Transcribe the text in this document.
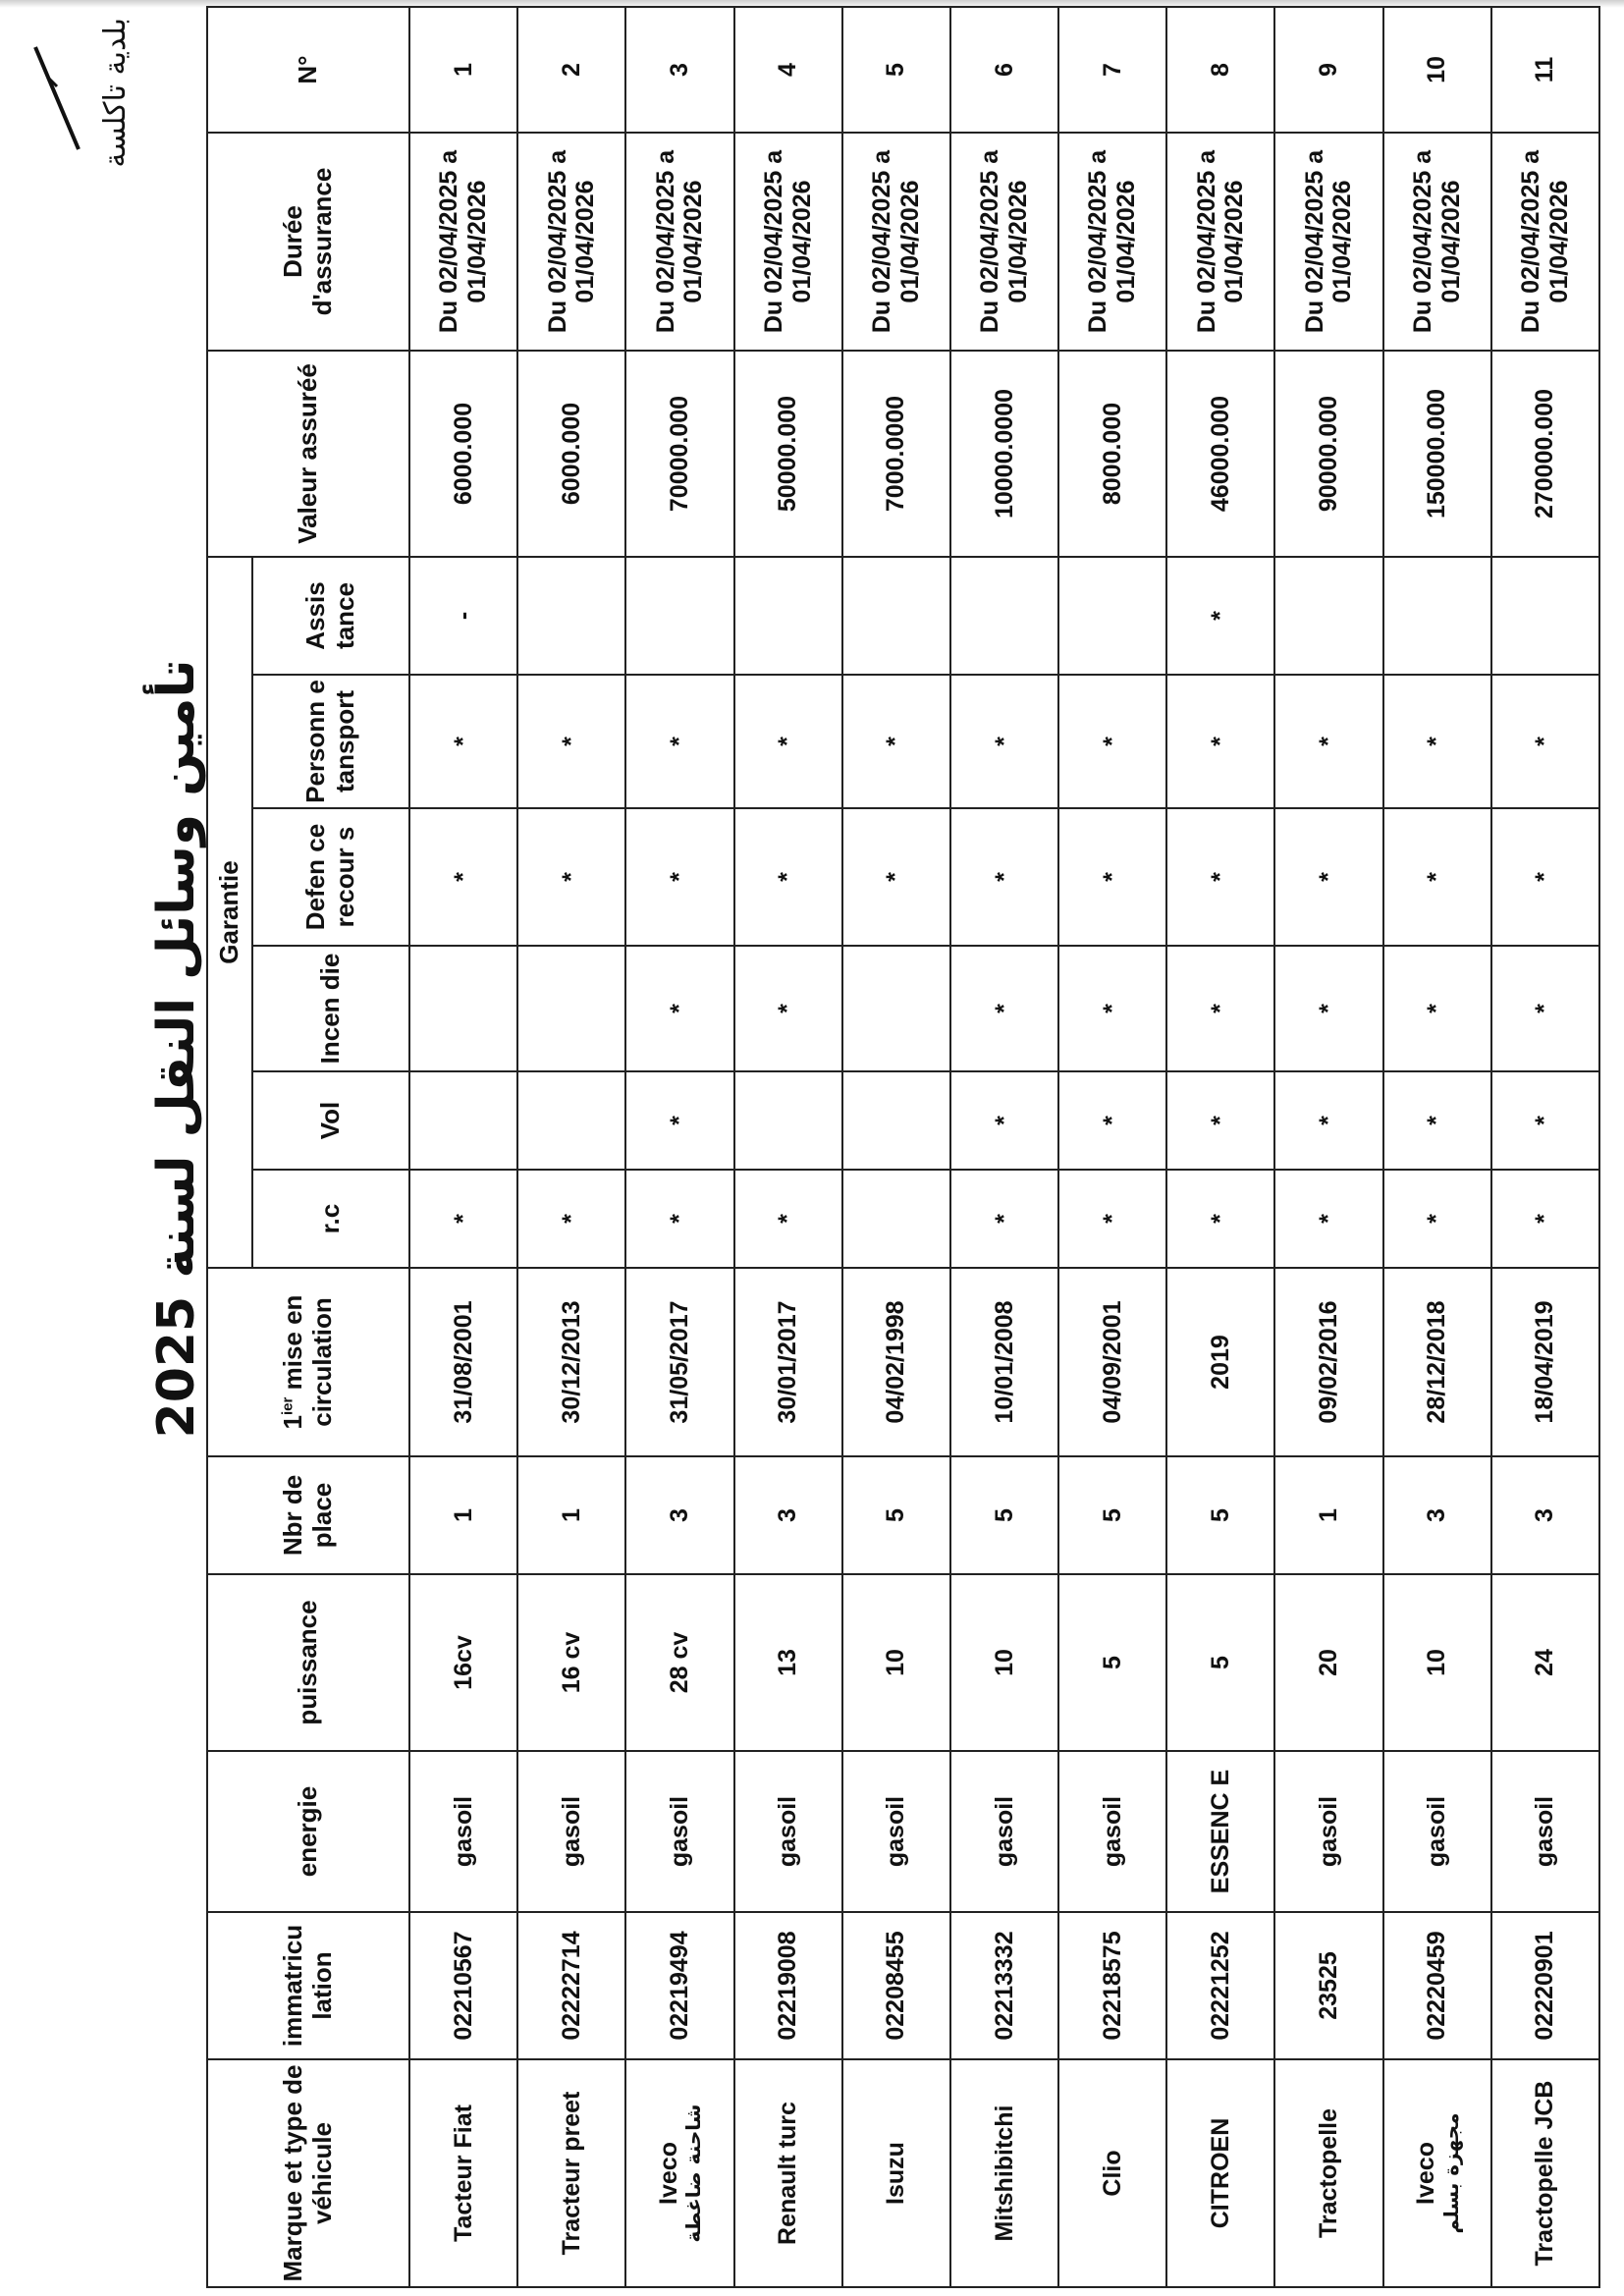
بلدية تاكلسة
تأمين وسائل النقل لسنة 2025
Marque et type de véhicule	immatricu lation	energie	puissance	Nbr de place	$1^{ier}$ mise en circulation	Garantie						Valeur assuréé	Durée d'assurance	N°
						r.c	Vol	Incen die	Defen ce recour s	Personn e tansport	Assis tance			
Tacteur Fiat	02210567	gasoil	16cv	1	31/08/2001	*			*	*	-	6000.000	Du 02/04/2025 a 01/04/2026	1
Tracteur preet	02222714	gasoil	16 cv	1	30/12/2013	*			*	*		6000.000	Du 02/04/2025 a 01/04/2026	2
Iveco شاحنة ضاغطة	02219494	gasoil	28 cv	3	31/05/2017	*	*	*	*	*		70000.000	Du 02/04/2025 a 01/04/2026	3
Renault turc	02219008	gasoil	13	3	30/01/2017	*		*	*	*		50000.000	Du 02/04/2025 a 01/04/2026	4
Isuzu	02208455	gasoil	10	5	04/02/1998				*	*		7000.0000	Du 02/04/2025 a 01/04/2026	5
Mitshibitchi	02213332	gasoil	10	5	10/01/2008	*	*	*	*	*		10000.0000	Du 02/04/2025 a 01/04/2026	6
Clio	02218575	gasoil	5	5	04/09/2001	*	*	*	*	*		8000.000	Du 02/04/2025 a 01/04/2026	7
CITROEN	02221252	ESSENC E	5	5	2019	*	*	*	*	*	*	46000.000	Du 02/04/2025 a 01/04/2026	8
Tractopelle	23525	gasoil	20	1	09/02/2016	*	*	*	*	*		90000.000	Du 02/04/2025 a 01/04/2026	9
Iveco مجهزة بسلم	02220459	gasoil	10	3	28/12/2018	*	*	*	*	*		150000.000	Du 02/04/2025 a 01/04/2026	10
Tractopelle JCB	02220901	gasoil	24	3	18/04/2019	*	*	*	*	*		270000.000	Du 02/04/2025 a 01/04/2026	11
